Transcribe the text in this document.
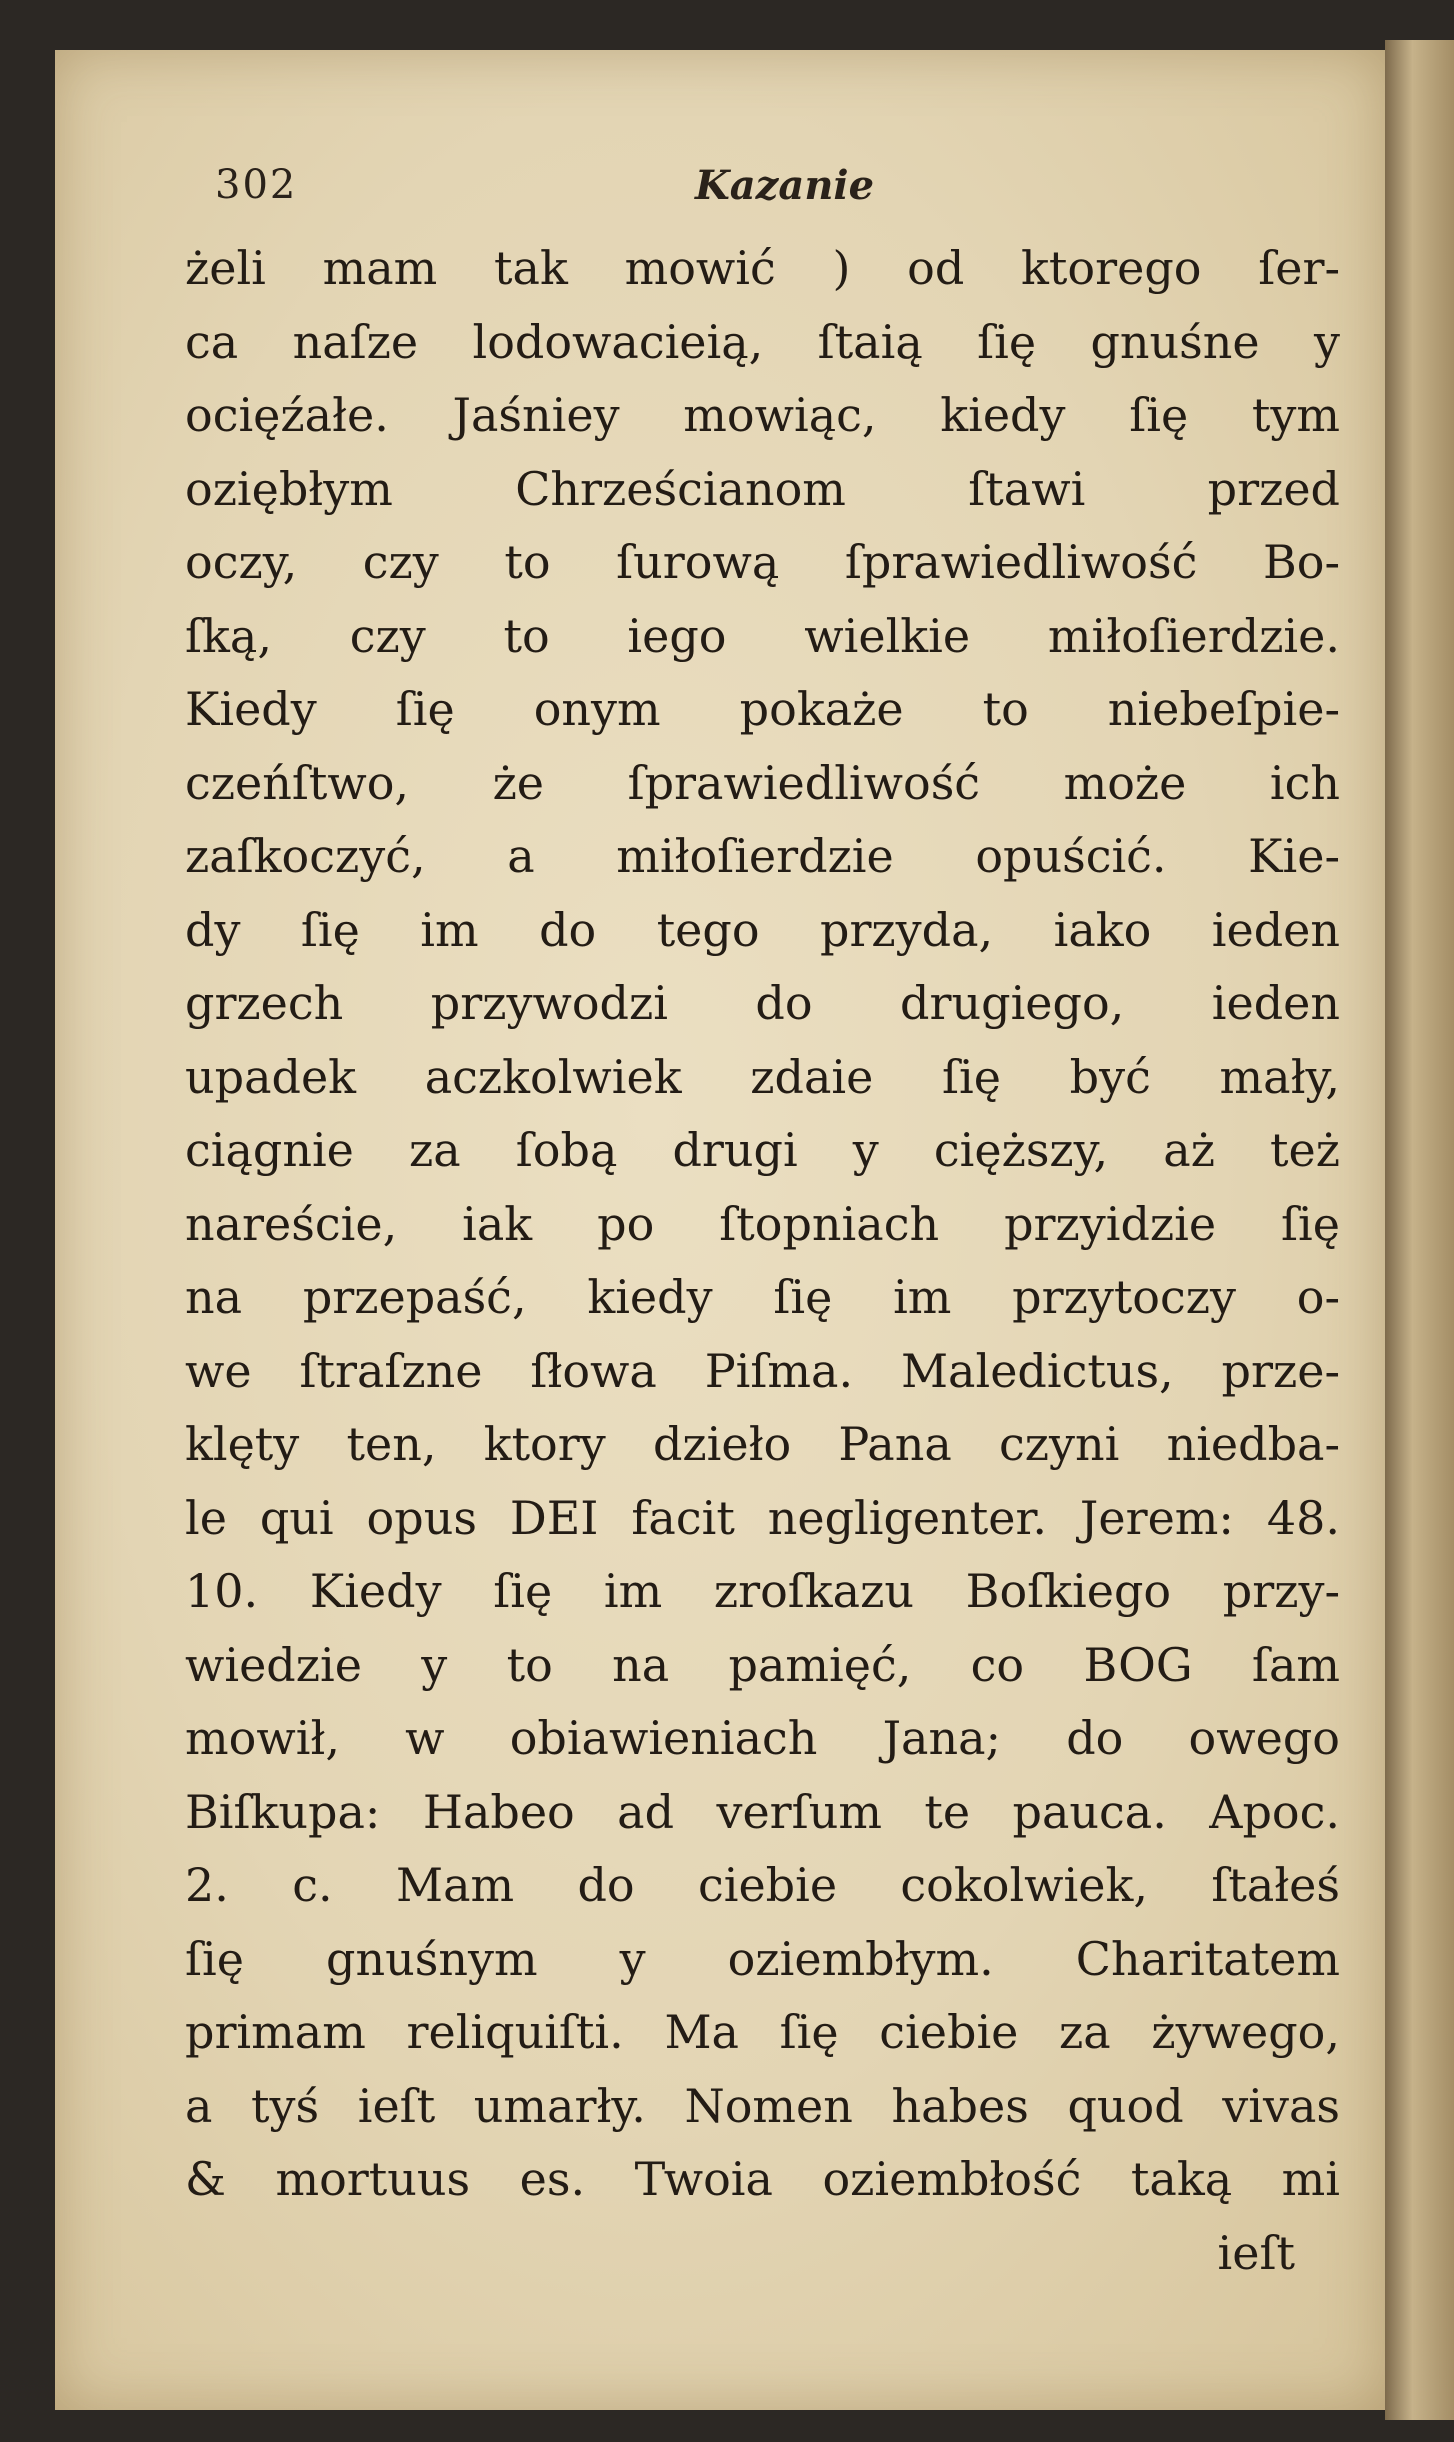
302	Kazanie
żeli mam tak mowić ) od ktorego ſer-
ca naſze lodowacieią, ſtaią ſię gnuśne y
ocięźałe. Jaśniey mowiąc, kiedy ſię tym
oziębłym Chrześcianom ſtawi przed
oczy, czy to ſurową ſprawiedliwość Bo-
ſką, czy to iego wielkie miłoſierdzie.
Kiedy ſię onym pokaże to niebeſpie-
czeńſtwo, że ſprawiedliwość może ich
zaſkoczyć, a miłoſierdzie opuścić. Kie-
dy ſię im do tego przyda, iako ieden
grzech przywodzi do drugiego, ieden
upadek aczkolwiek zdaie ſię być mały,
ciągnie za ſobą drugi y cięższy, aż też
nareście, iak po ſtopniach przyidzie ſię
na przepaść, kiedy ſię im przytoczy o-
we ſtraſzne ſłowa Piſma. Maledictus, prze-
klęty ten, ktory dzieło Pana czyni niedba-
le qui opus DEI facit negligenter. Jerem: 48.
10. Kiedy ſię im zroſkazu Boſkiego przy-
wiedzie y to na pamięć, co BOG ſam
mowił, w obiawieniach Jana; do owego
Biſkupa: Habeo ad verſum te pauca. Apoc.
2. c. Mam do ciebie cokolwiek, ſtałeś
ſię gnuśnym y oziembłym. Charitatem
primam reliquiſti. Ma ſię ciebie za żywego,
a tyś ieſt umarły. Nomen habes quod vivas
& mortuus es. Twoia oziembłość taką mi
ieſt
